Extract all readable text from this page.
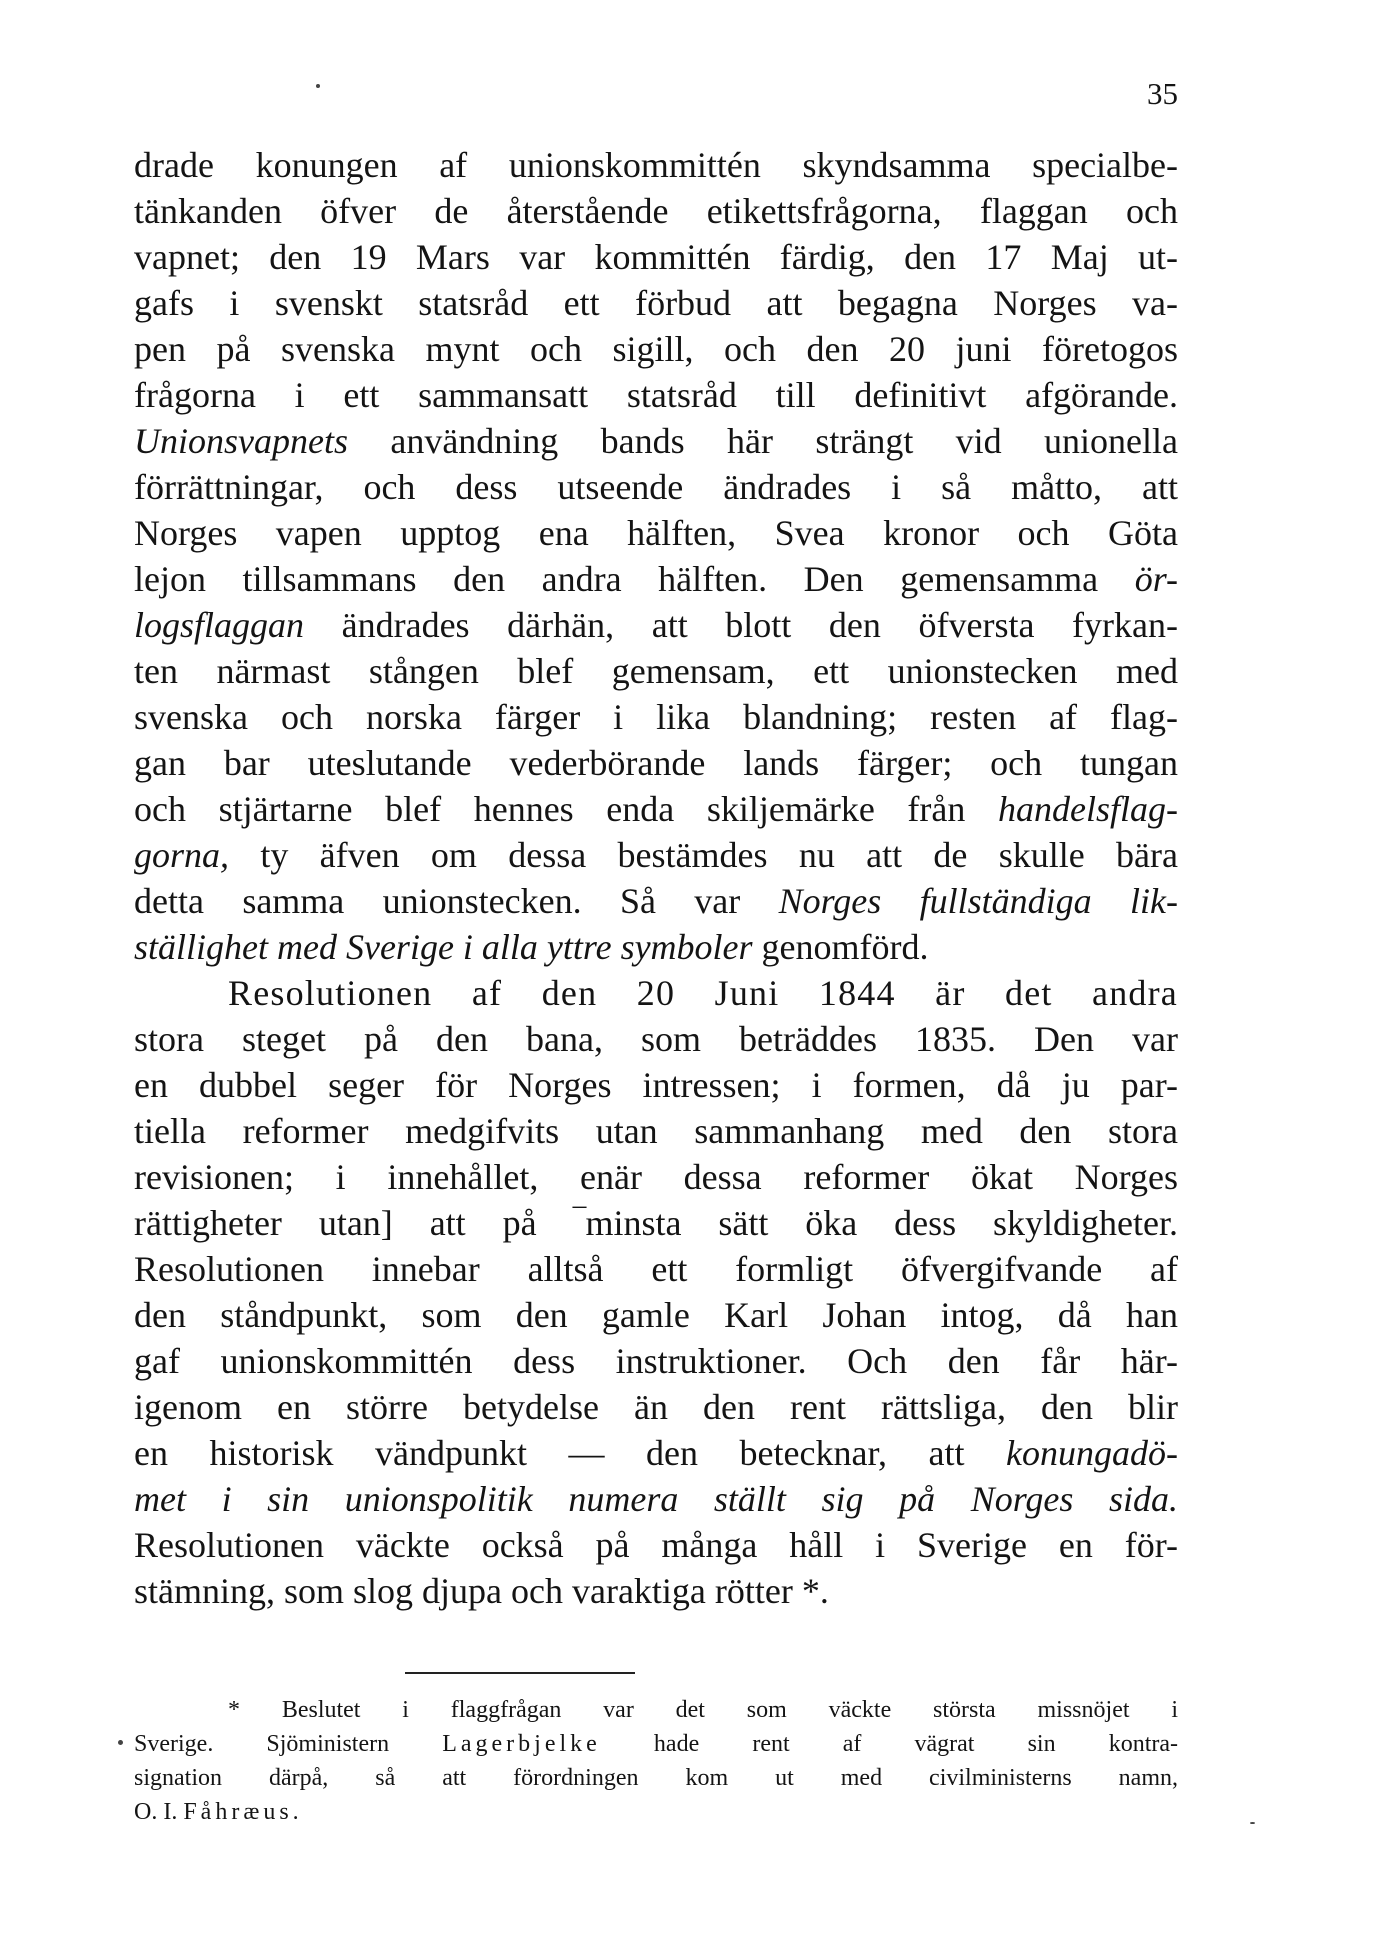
35
drade konungen af unionskommittén skyndsamma specialbe-
tänkanden öfver de återstående etikettsfrågorna, flaggan och
vapnet; den 19 Mars var kommittén färdig, den 17 Maj ut-
gafs i svenskt statsråd ett förbud att begagna Norges va-
pen på svenska mynt och sigill, och den 20 juni företogos
frågorna i ett sammansatt statsråd till definitivt afgörande.
Unionsvapnets användning bands här strängt vid unionella
förrättningar, och dess utseende ändrades i så måtto, att
Norges vapen upptog ena hälften, Svea kronor och Göta
lejon tillsammans den andra hälften. Den gemensamma ör-
logsflaggan ändrades därhän, att blott den öfversta fyrkan-
ten närmast stången blef gemensam, ett unionstecken med
svenska och norska färger i lika blandning; resten af flag-
gan bar uteslutande vederbörande lands färger; och tungan
och stjärtarne blef hennes enda skiljemärke från handelsflag-
gorna, ty äfven om dessa bestämdes nu att de skulle bära
detta samma unionstecken. Så var Norges fullständiga lik-
ställighet med Sverige i alla yttre symboler genomförd.
Resolutionen af den 20 Juni 1844 är det andra
stora steget på den bana, som beträddes 1835. Den var
en dubbel seger för Norges intressen; i formen, då ju par-
tiella reformer medgifvits utan sammanhang med den stora
revisionen; i innehållet, enär dessa reformer ökat Norges
rättigheter utan] att på ‾minsta sätt öka dess skyldigheter.
Resolutionen innebar alltså ett formligt öfvergifvande af
den ståndpunkt, som den gamle Karl Johan intog, då han
gaf unionskommittén dess instruktioner. Och den får här-
igenom en större betydelse än den rent rättsliga, den blir
en historisk vändpunkt — den betecknar, att konungadö-
met i sin unionspolitik numera ställt sig på Norges sida.
Resolutionen väckte också på många håll i Sverige en för-
stämning, som slog djupa och varaktiga rötter *.
* Beslutet i flaggfrågan var det som väckte största missnöjet i
Sverige. Sjöministern Lagerbjelke hade rent af vägrat sin kontra-
signation därpå, så att förordningen kom ut med civilministerns namn,
O. I. Fåhræus.
